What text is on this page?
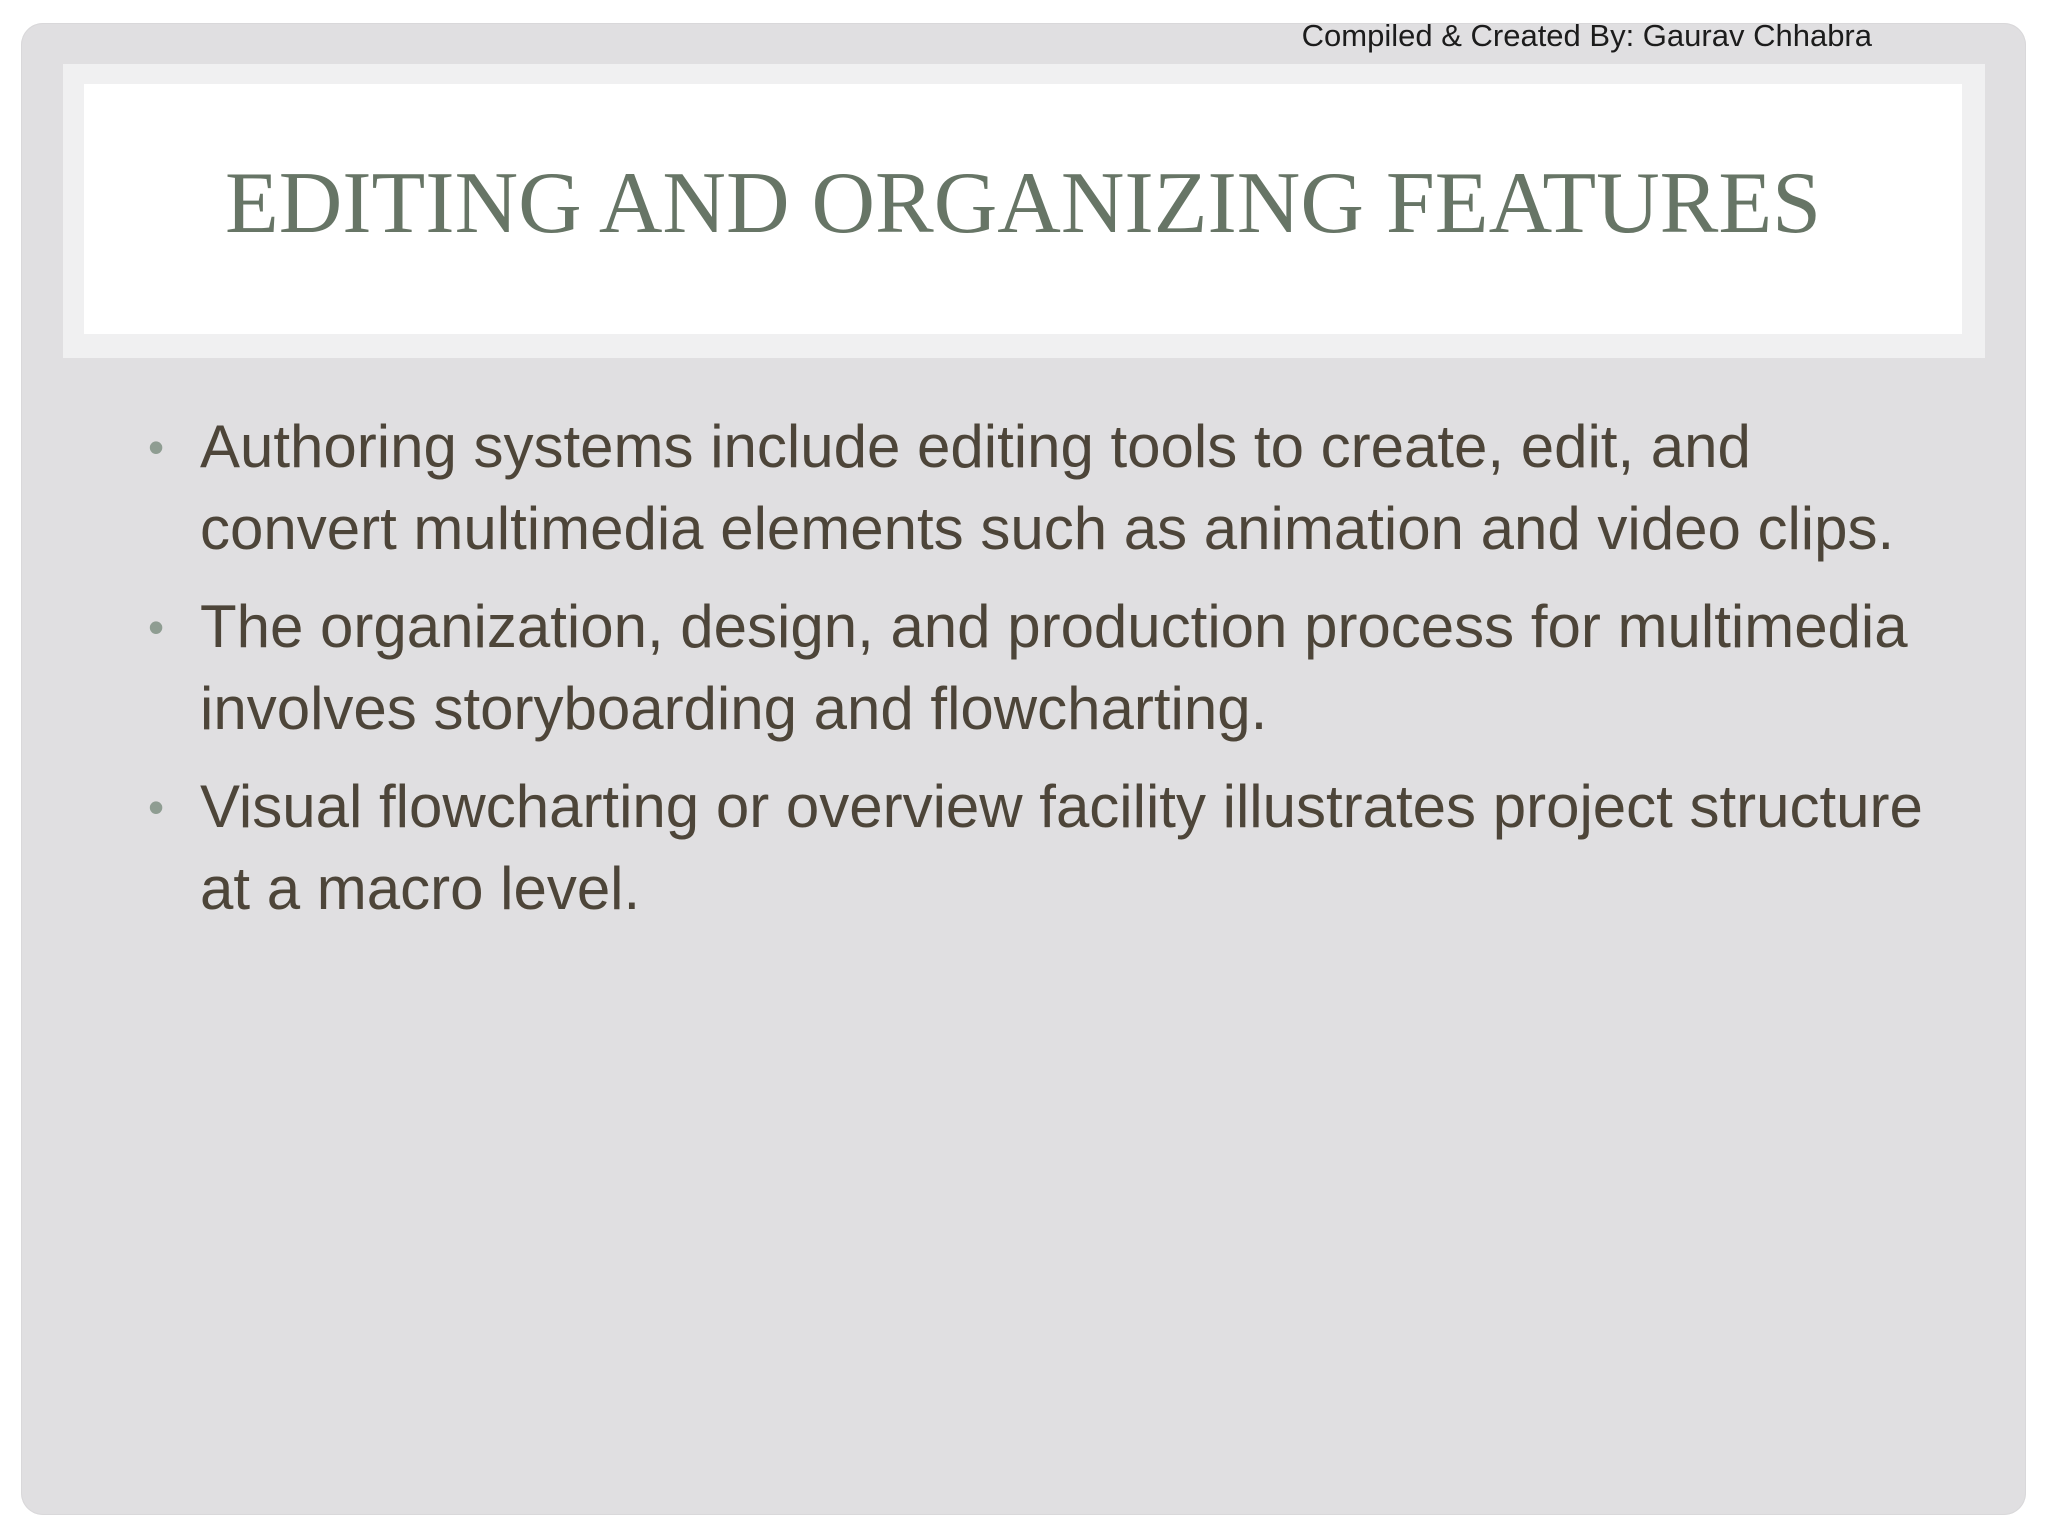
Compiled & Created By: Gaurav Chhabra
EDITING AND ORGANIZING FEATURES
• Authoring systems include editing tools to create, edit, and convert multimedia elements such as animation and video clips.
• The organization, design, and production process for multimedia involves storyboarding and flowcharting.
• Visual flowcharting or overview facility illustrates project structure at a macro level.
